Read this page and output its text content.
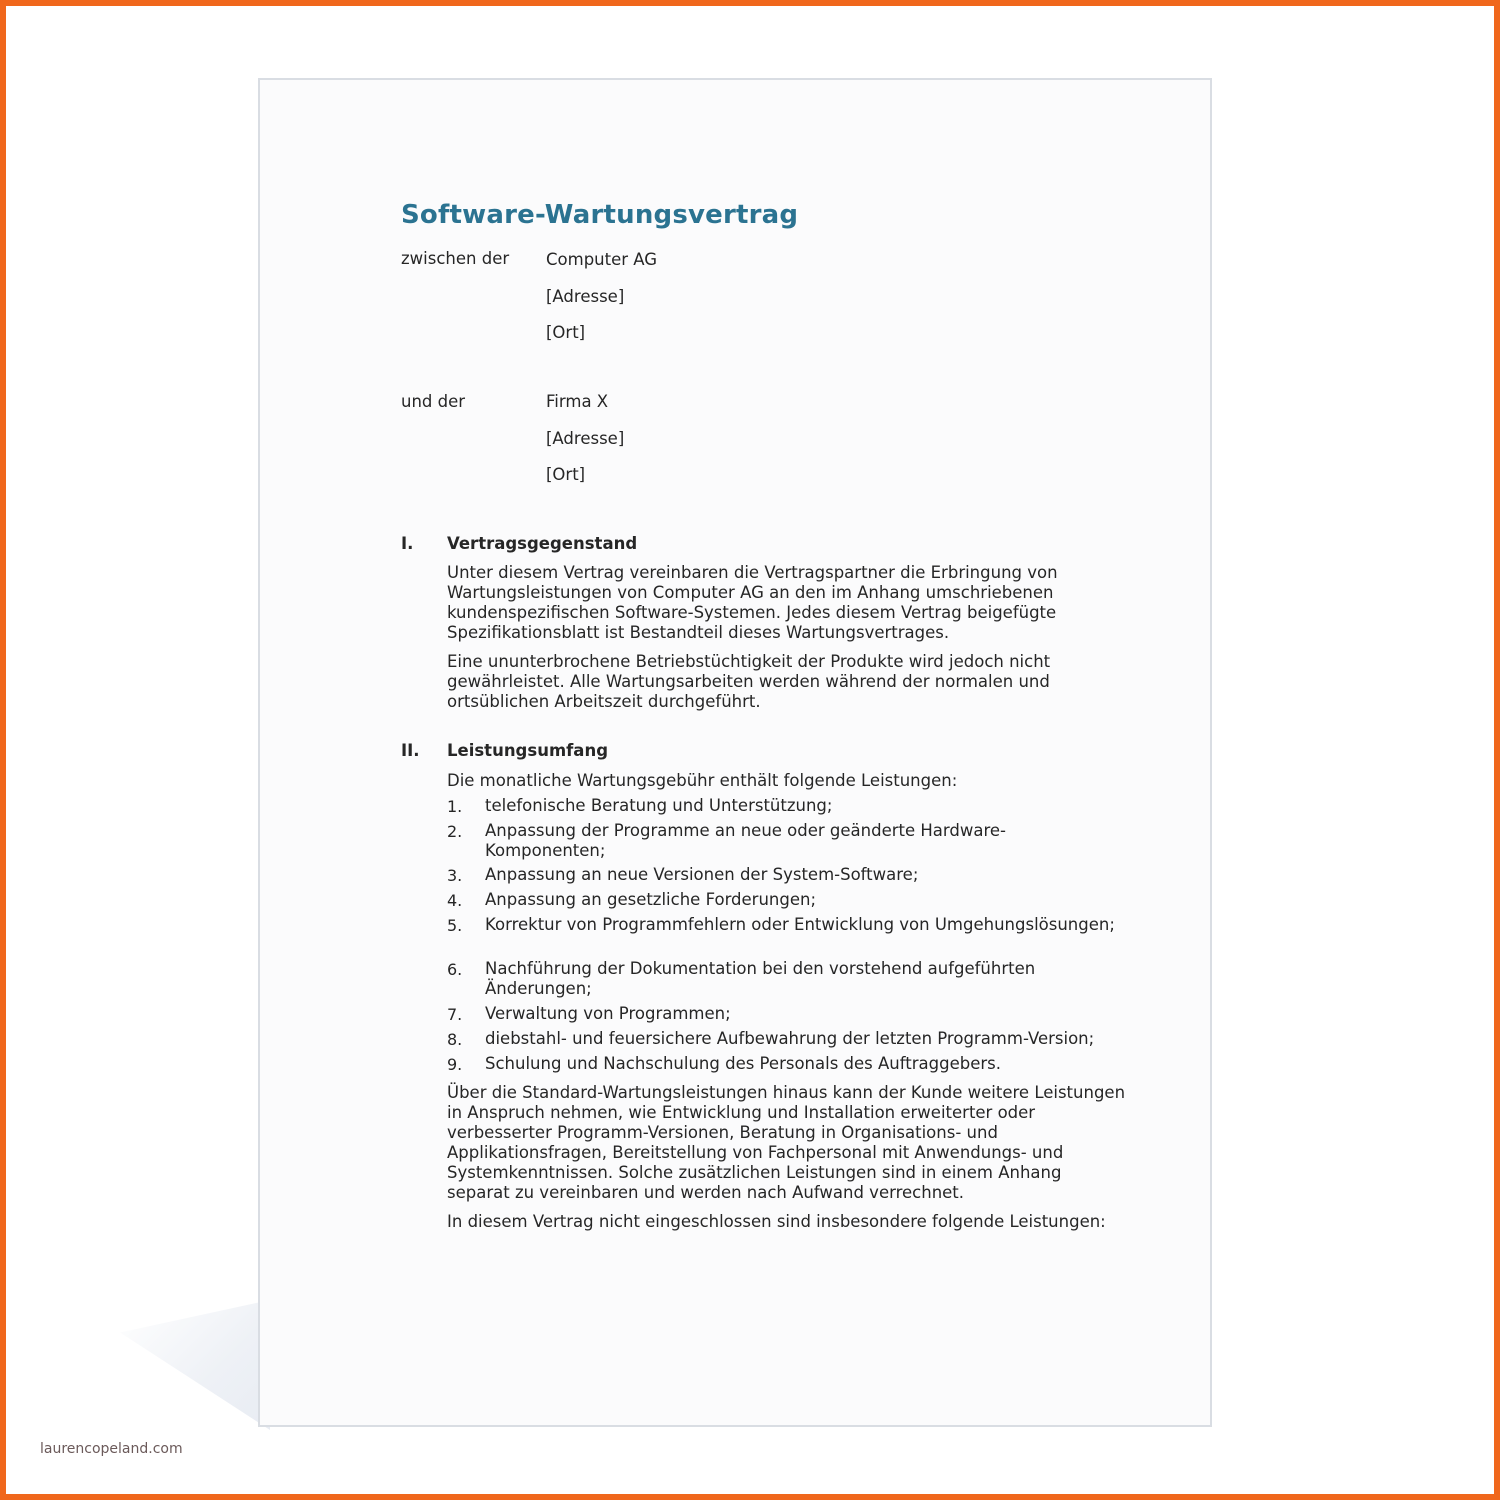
Software-Wartungsvertrag
zwischen der Computer AG
[Adresse]
[Ort]
und der	Firma X
[Adresse]
[Ort]
I. Vertragsgegenstand

Unter diesem Vertrag vereinbaren die Vertragspartner die Erbringung von Wartungsleistungen von Computer AG an den im Anhang umschriebenen kundenspezifischen Software-Systemen. Jedes diesem Vertrag beigefügte Spezifikationsblatt ist Bestandteil dieses Wartungsvertrages.

Eine ununterbrochene Betriebstüchtigkeit der Produkte wird jedoch nicht gewährleistet. Alle Wartungsarbeiten werden während der normalen und ortsüblichen Arbeitszeit durchgeführt.

II. Leistungsumfang

Die monatliche Wartungsgebühr enthält folgende Leistungen:

1. telefonische Beratung und Unterstützung;

2. Anpassung der Programme an neue oder geänderte Hardware-Komponenten;

3. Anpassung an neue Versionen der System-Software;

4. Anpassung an gesetzliche Forderungen;

5. Korrektur von Programmfehlern oder Entwicklung von Umgehungslösungen;

6. Nachführung der Dokumentation bei den vorstehend aufgeführten Änderungen;

7. Verwaltung von Programmen;

8. diebstahl- und feuersichere Aufbewahrung der letzten Programm-Version;

9. Schulung und Nachschulung des Personals des Auftraggebers.

Über die Standard-Wartungsleistungen hinaus kann der Kunde weitere Leistungen in Anspruch nehmen, wie Entwicklung und Installation erweiterter oder verbesserter Programm-Versionen, Beratung in Organisations- und Applikationsfragen, Bereitstellung von Fachpersonal mit Anwendungs- und Systemkenntnissen. Solche zusätzlichen Leistungen sind in einem Anhang separat zu vereinbaren und werden nach Aufwand verrechnet.

In diesem Vertrag nicht eingeschlossen sind insbesondere folgende Leistungen:

laurencopeland.com
